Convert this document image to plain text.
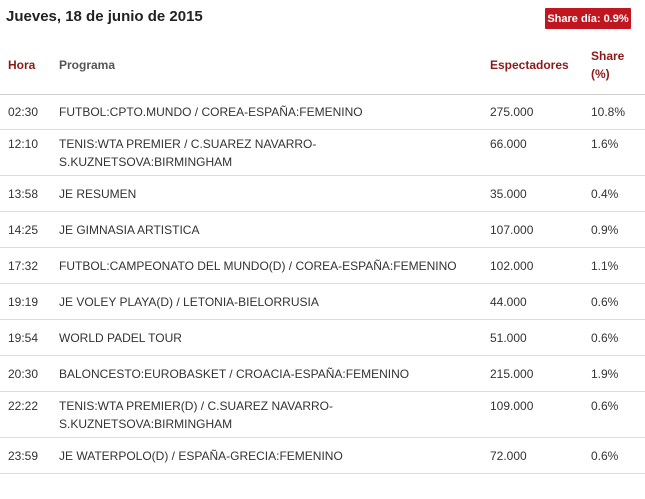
Jueves, 18 de junio de 2015	Share día: 0.9%
Hora Programa	Espectadores
Share
(%)
02:30 FUTBOL:CPTO.MUNDO / COREA-ESPAÑA:FEMENINO	275.000	10.8%
12:10 TENIS:WTA PREMIER / C.SUAREZ NAVARRO-
S.KUZNETSOVA:BIRMINGHAM
66.000	1.6%
13:58 JE RESUMEN	35.000	0.4%
14:25 JE GIMNASIA ARTISTICA	107.000	0.9%
17:32 FUTBOL:CAMPEONATO DEL MUNDO(D) / COREA-ESPAÑA:FEMENINO	102.000	1.1%
19:19 JE VOLEY PLAYA(D) / LETONIA-BIELORRUSIA	44.000	0.6%
19:54 WORLD PADEL TOUR	51.000	0.6%
20:30 BALONCESTO:EUROBASKET / CROACIA-ESPAÑA:FEMENINO	215.000	1.9%
22:22 TENIS:WTA PREMIER(D) / C.SUAREZ NAVARRO-
S.KUZNETSOVA:BIRMINGHAM
109.000	0.6%
23:59 JE WATERPOLO(D) / ESPAÑA-GRECIA:FEMENINO	72.000	0.6%
